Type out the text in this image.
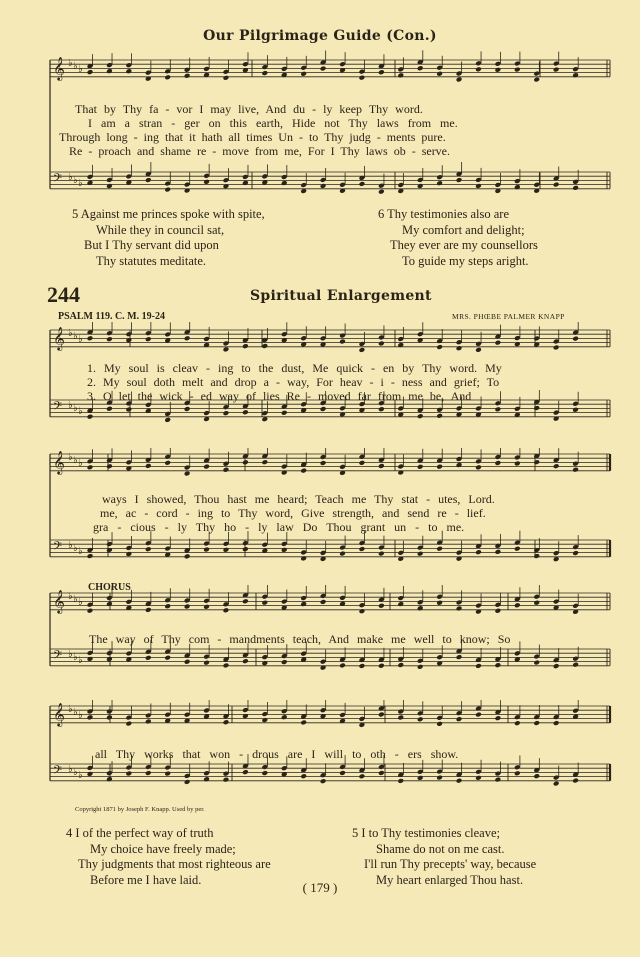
Our Pilgrimage Guide (Con.)
𝄞 ♭ ♭ ♭
𝄢 ♭ ♭ ♭
That by Thy fa - vor I may live, And du - ly keep Thy word.
I am a stran - ger on this earth, Hide not Thy laws from me.
Through long - ing that it hath all times Un - to Thy judg - ments pure.
Re - proach and shame re - move from me, For I Thy laws ob - serve.
5 Against me princes spoke with spite,
While they in council sat,
But I Thy servant did upon
Thy statutes meditate.
6 Thy testimonies also are
My comfort and delight;
They ever are my counsellors
To guide my steps aright.
244	Spiritual Enlargement
PSALM 119. C. M. 19-24	MRS. PHŒBE PALMER KNAPP
𝄞 ♭ ♭ ♭
𝄢 ♭ ♭ ♭
𝄞 ♭ ♭ ♭
𝄢 ♭ ♭ ♭
𝄞 ♭ ♭ ♭
𝄢 ♭ ♭ ♭
𝄞 ♭ ♭ ♭
𝄢 ♭ ♭ ♭
1. My soul is cleav - ing to the dust, Me quick - en by Thy word. My
2. My soul doth melt and drop a - way, For heav - i - ness and grief; To
3. O let the wick - ed way of lies Re - moved far from me be, And
ways I showed, Thou hast me heard; Teach me Thy stat - utes, Lord.
me, ac - cord - ing to Thy word, Give strength, and send re - lief.
gra - cious - ly Thy ho - ly law Do Thou grant un - to me.
CHORUS
The way of Thy com - mandments teach, And make me well to know; So
all Thy works that won - drous are I will to oth - ers show.
Copyright 1871 by Joseph F. Knapp. Used by per.
4 I of the perfect way of truth
My choice have freely made;
Thy judgments that most righteous are
Before me I have laid.
5 I to Thy testimonies cleave;
Shame do not on me cast.
I'll run Thy precepts' way, because
My heart enlarged Thou hast.
( 179 )
